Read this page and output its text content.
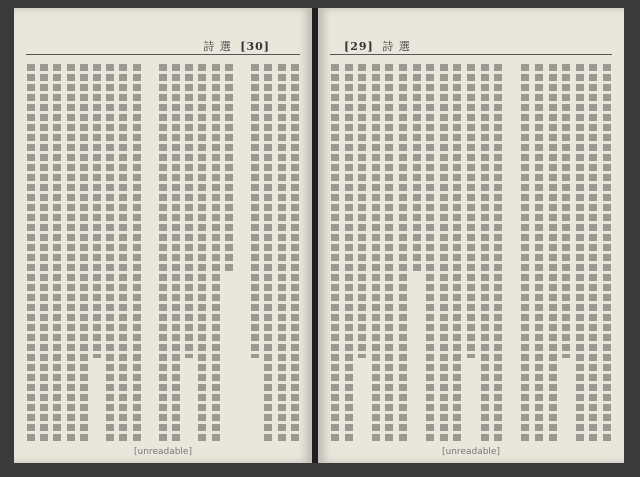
詩 選 [30]
[unreadable]
[29] 詩 選
[unreadable]
